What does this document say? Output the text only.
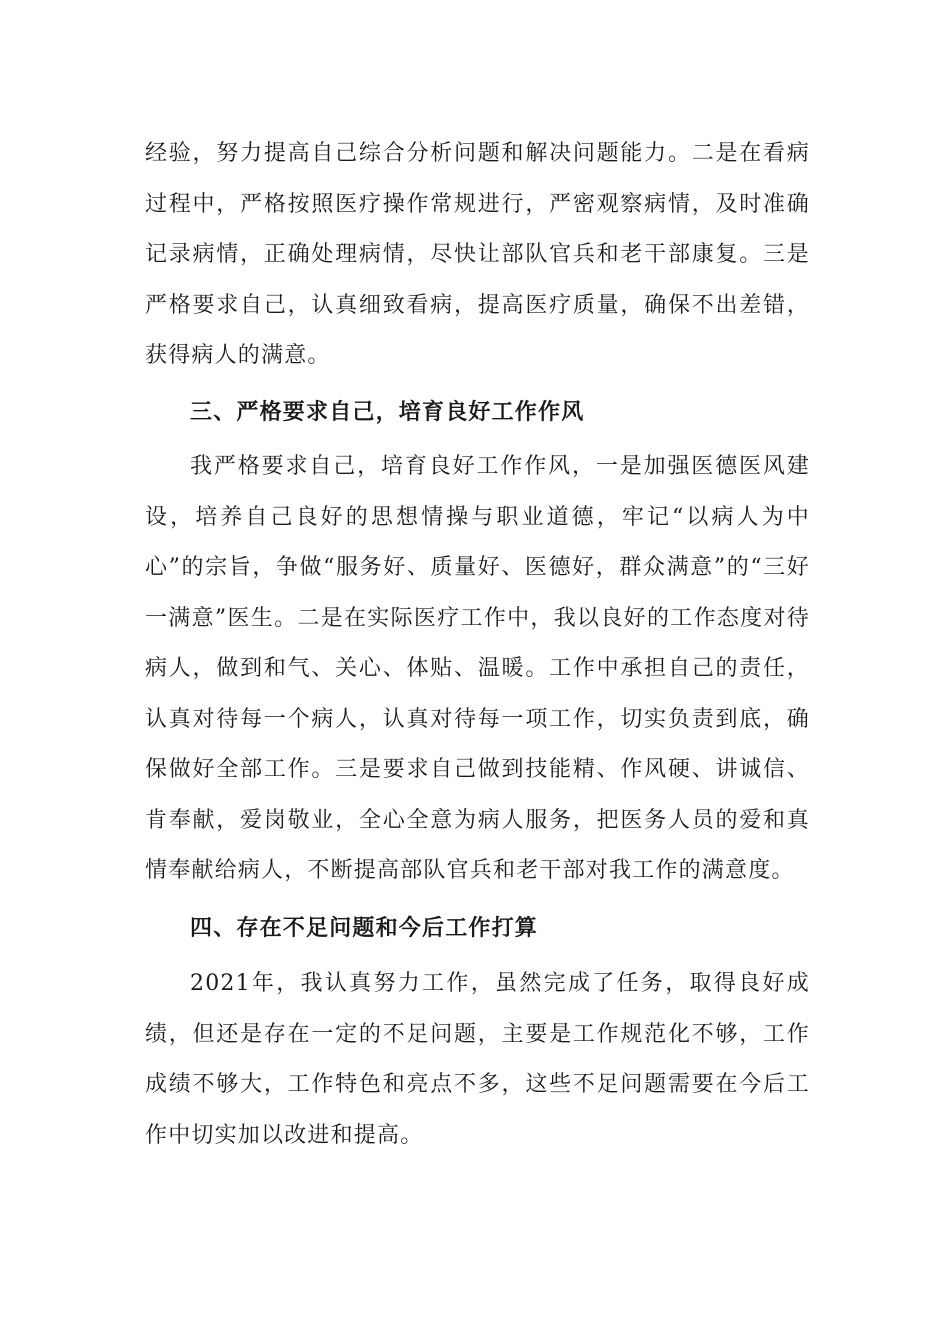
经验，努力提高自己综合分析问题和解决问题能力。二是在看病过程中，严格按照医疗操作常规进行，严密观察病情，及时准确记录病情，正确处理病情，尽快让部队官兵和老干部康复。三是严格要求自己，认真细致看病，提高医疗质量，确保不出差错，获得病人的满意。

三、严格要求自己，培育良好工作作风

我严格要求自己，培育良好工作作风，一是加强医德医风建设，培养自己良好的思想情操与职业道德，牢记“以病人为中心”的宗旨，争做“服务好、质量好、医德好，群众满意”的“三好一满意”医生。二是在实际医疗工作中，我以良好的工作态度对待病人，做到和气、关心、体贴、温暖。工作中承担自己的责任，认真对待每一个病人，认真对待每一项工作，切实负责到底，确保做好全部工作。三是要求自己做到技能精、作风硬、讲诚信、肯奉献，爱岗敬业，全心全意为病人服务，把医务人员的爱和真情奉献给病人，不断提高部队官兵和老干部对我工作的满意度。

四、存在不足问题和今后工作打算

2021年，我认真努力工作，虽然完成了任务，取得良好成绩，但还是存在一定的不足问题，主要是工作规范化不够，工作成绩不够大，工作特色和亮点不多，这些不足问题需要在今后工作中切实加以改进和提高。
